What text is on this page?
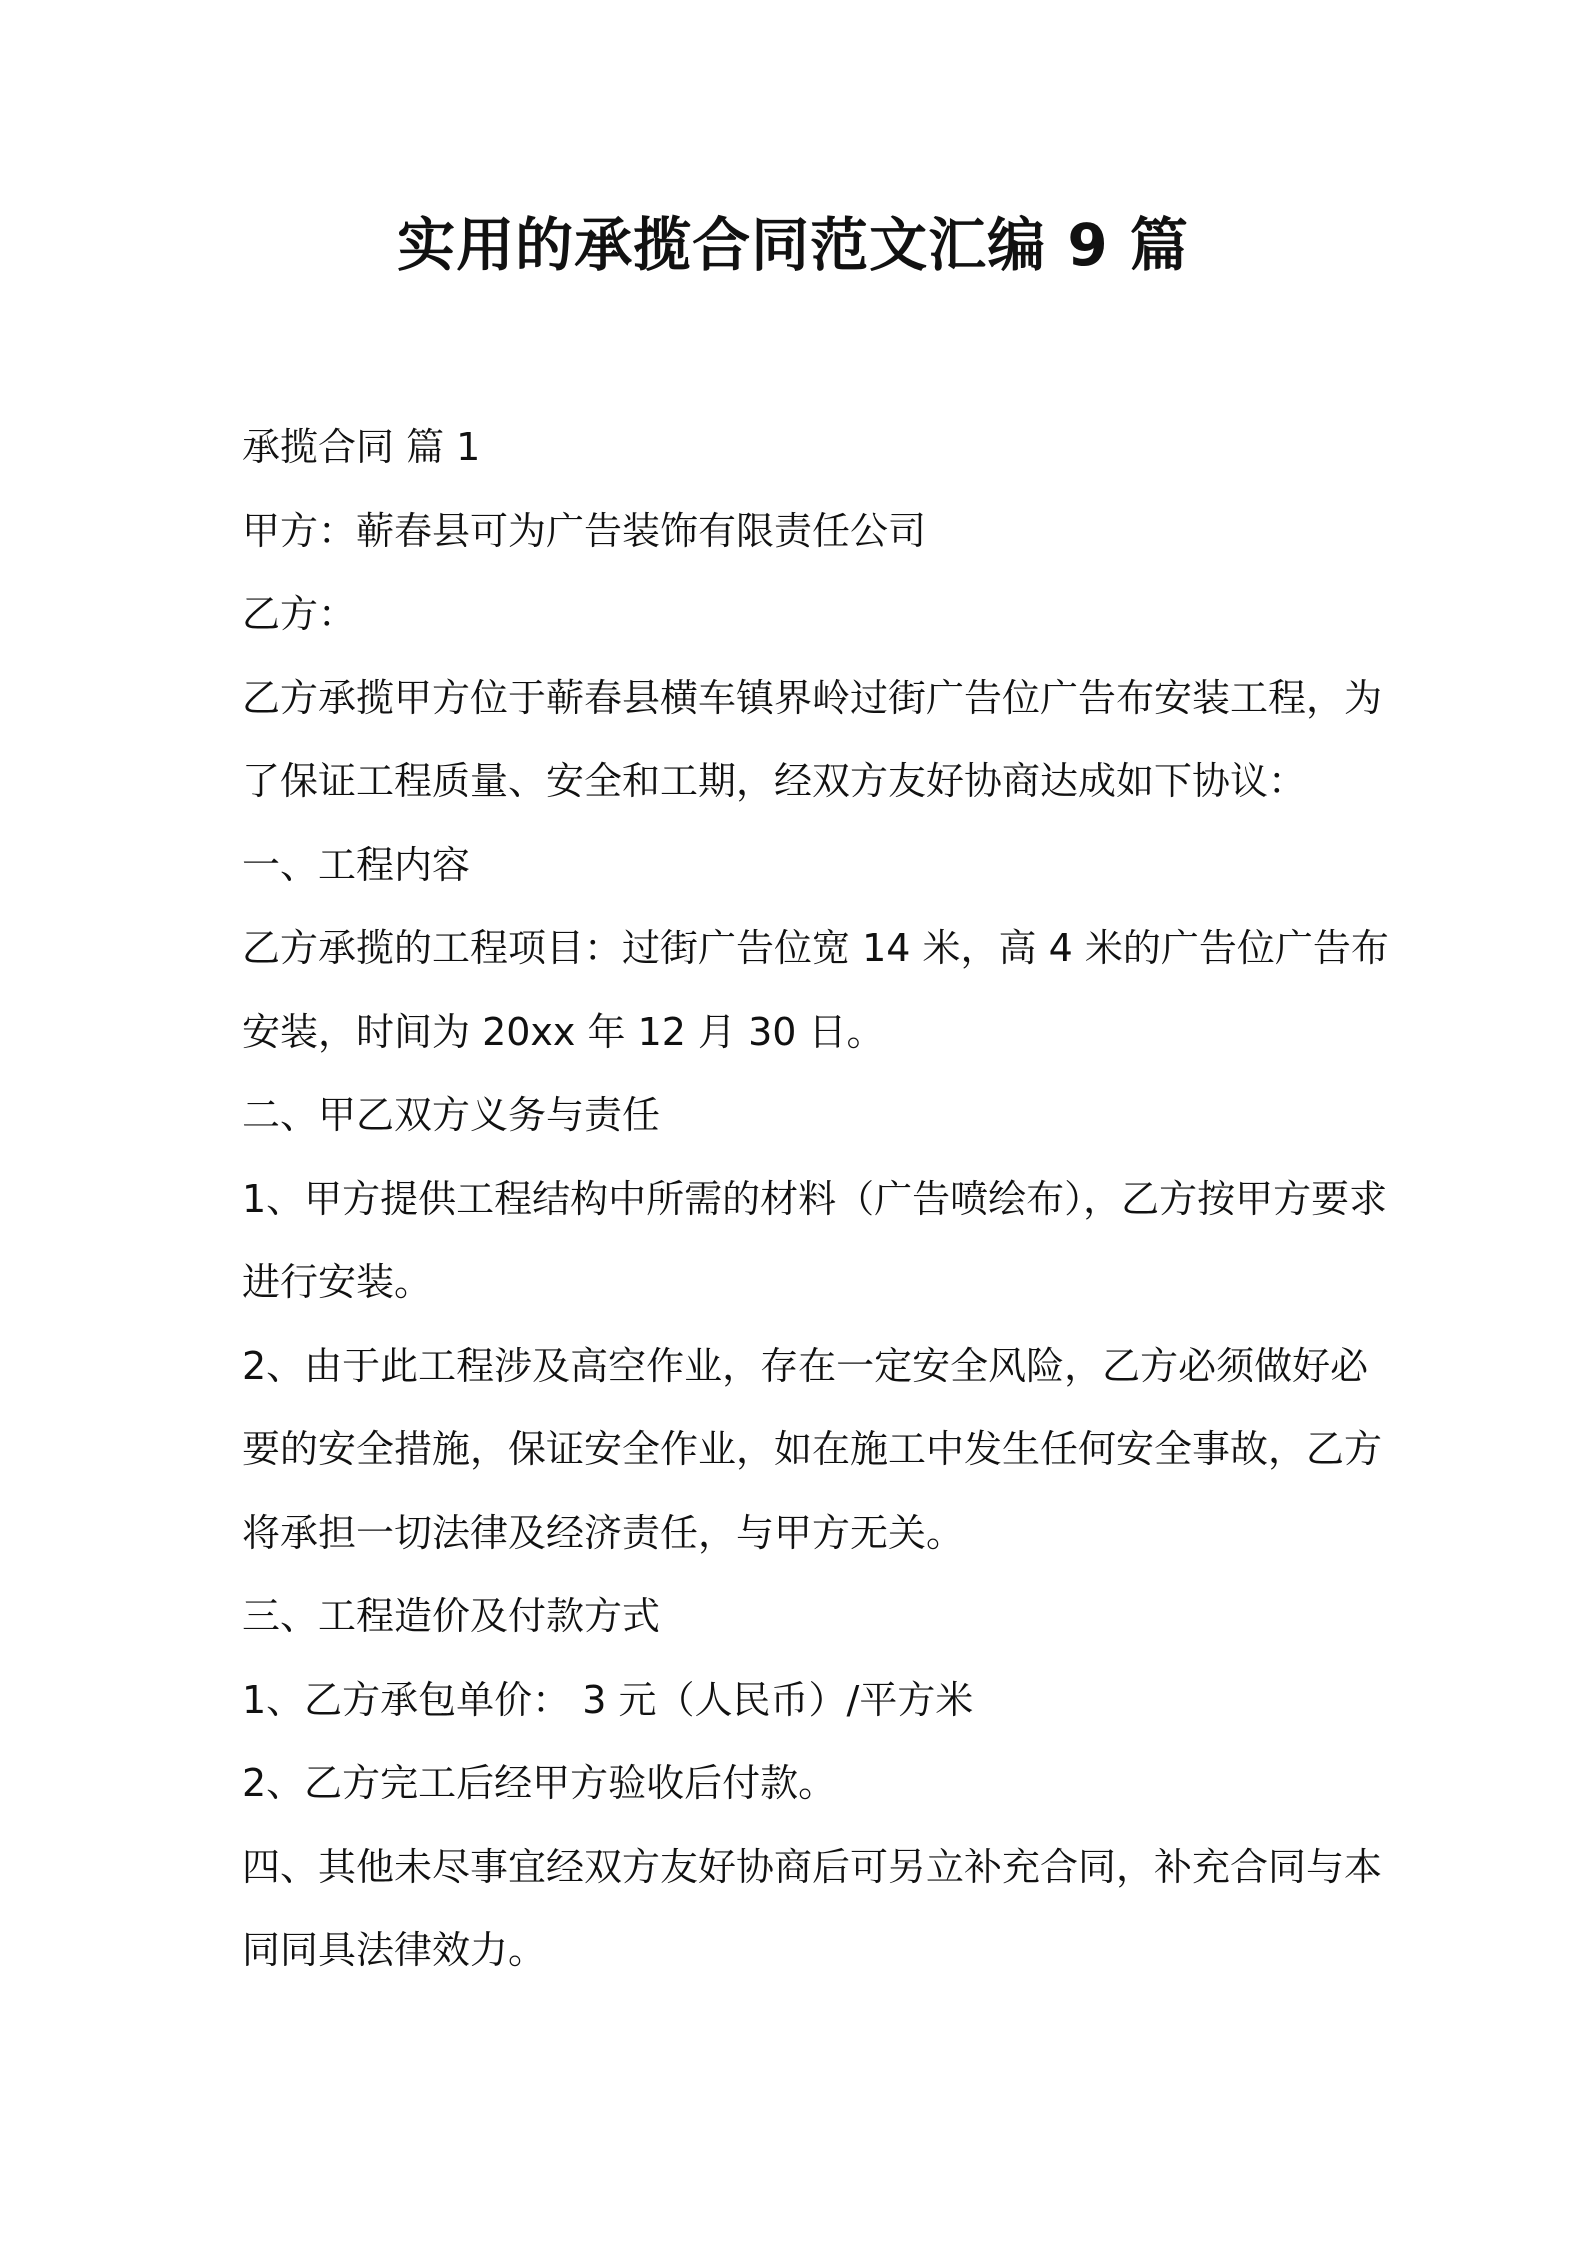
实用的承揽合同范文汇编 9 篇

承揽合同 篇 1

甲方：蕲春县可为广告装饰有限责任公司

乙方：

乙方承揽甲方位于蕲春县横车镇界岭过街广告位广告布安装工程，为

了保证工程质量、安全和工期，经双方友好协商达成如下协议：

一、工程内容

乙方承揽的工程项目：过街广告位宽 14 米，高 4 米的广告位广告布

安装，时间为 20xx 年 12 月 30 日。

二、甲乙双方义务与责任

1、甲方提供工程结构中所需的材料（广告喷绘布），乙方按甲方要求

进行安装。

2、由于此工程涉及高空作业，存在一定安全风险，乙方必须做好必

要的安全措施，保证安全作业，如在施工中发生任何安全事故，乙方

将承担一切法律及经济责任，与甲方无关。

三、工程造价及付款方式

1、乙方承包单价： 3 元（人民币）/平方米

2、乙方完工后经甲方验收后付款。

四、其他未尽事宜经双方友好协商后可另立补充合同，补充合同与本

同同具法律效力。
